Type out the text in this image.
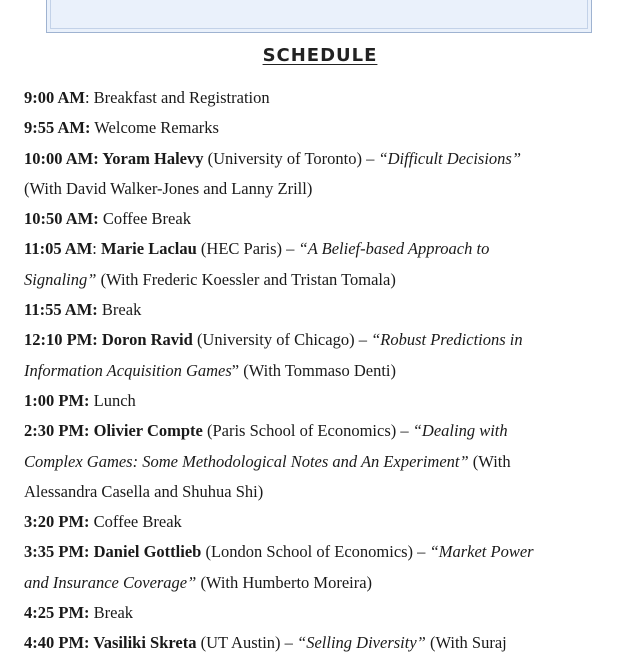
SCHEDULE
9:00 AM: Breakfast and Registration
9:55 AM: Welcome Remarks
10:00 AM: Yoram Halevy (University of Toronto) – “Difficult Decisions”
(With David Walker-Jones and Lanny Zrill)
10:50 AM: Coffee Break
11:05 AM: Marie Laclau (HEC Paris) – “A Belief-based Approach to
Signaling” (With Frederic Koessler and Tristan Tomala)
11:55 AM: Break
12:10 PM: Doron Ravid (University of Chicago) – “Robust Predictions in
Information Acquisition Games” (With Tommaso Denti)
1:00 PM: Lunch
2:30 PM: Olivier Compte (Paris School of Economics) – “Dealing with
Complex Games: Some Methodological Notes and An Experiment” (With
Alessandra Casella and Shuhua Shi)
3:20 PM: Coffee Break
3:35 PM: Daniel Gottlieb (London School of Economics) – “Market Power
and Insurance Coverage” (With Humberto Moreira)
4:25 PM: Break
4:40 PM: Vasiliki Skreta (UT Austin) – “Selling Diversity” (With Suraj
